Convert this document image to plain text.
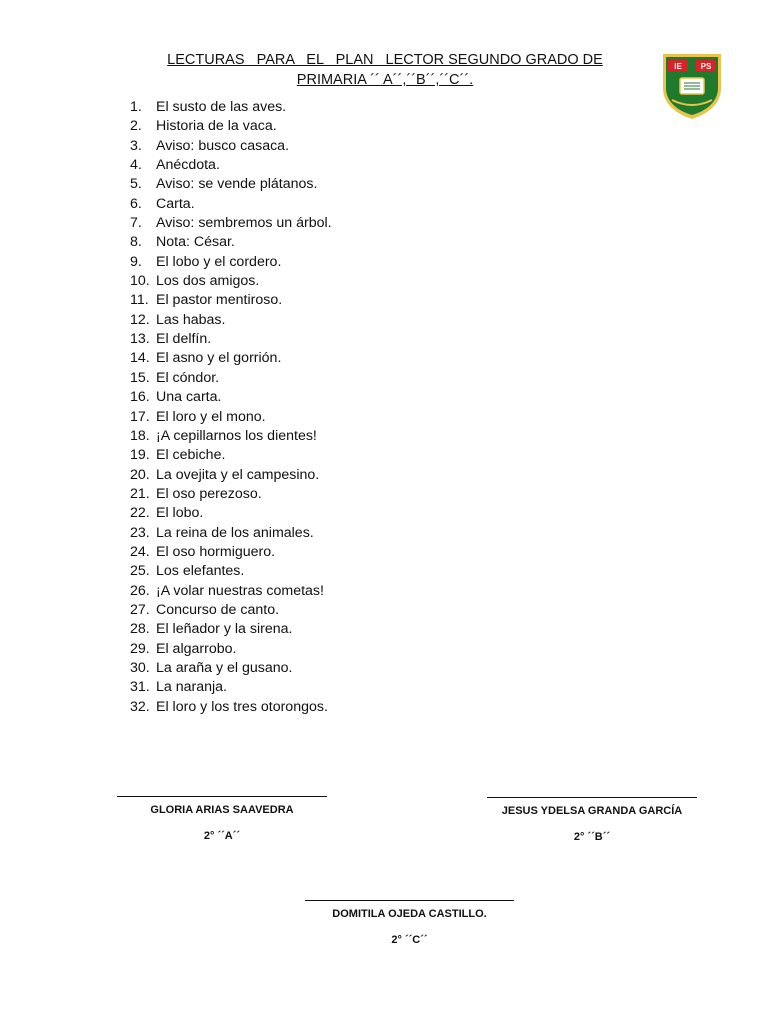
LECTURAS   PARA   EL   PLAN   LECTOR SEGUNDO GRADO DE
PRIMARIA ´´ A´´,´´B´´,´´C´´.
IE PS
1. El susto de las aves.
2. Historia de la vaca.
3. Aviso: busco casaca.
4. Anécdota.
5. Aviso: se vende plátanos.
6. Carta.
7. Aviso: sembremos un árbol.
8. Nota: César.
9. El lobo y el cordero.
10. Los dos amigos.
11. El pastor mentiroso.
12. Las habas.
13. El delfín.
14. El asno y el gorrión.
15. El cóndor.
16. Una carta.
17. El loro y el mono.
18. ¡A cepillarnos los dientes!
19. El cebiche.
20. La ovejita y el campesino.
21. El oso perezoso.
22. El lobo.
23. La reina de los animales.
24. El oso hormiguero.
25. Los elefantes.
26. ¡A volar nuestras cometas!
27. Concurso de canto.
28. El leñador y la sirena.
29. El algarrobo.
30. La araña y el gusano.
31. La naranja.
32. El loro y los tres otorongos.
GLORIA ARIAS SAAVEDRA
2° ´´A´´
JESUS YDELSA GRANDA GARCÍA
2° ´´B´´
DOMITILA OJEDA CASTILLO.
2° ´´C´´
